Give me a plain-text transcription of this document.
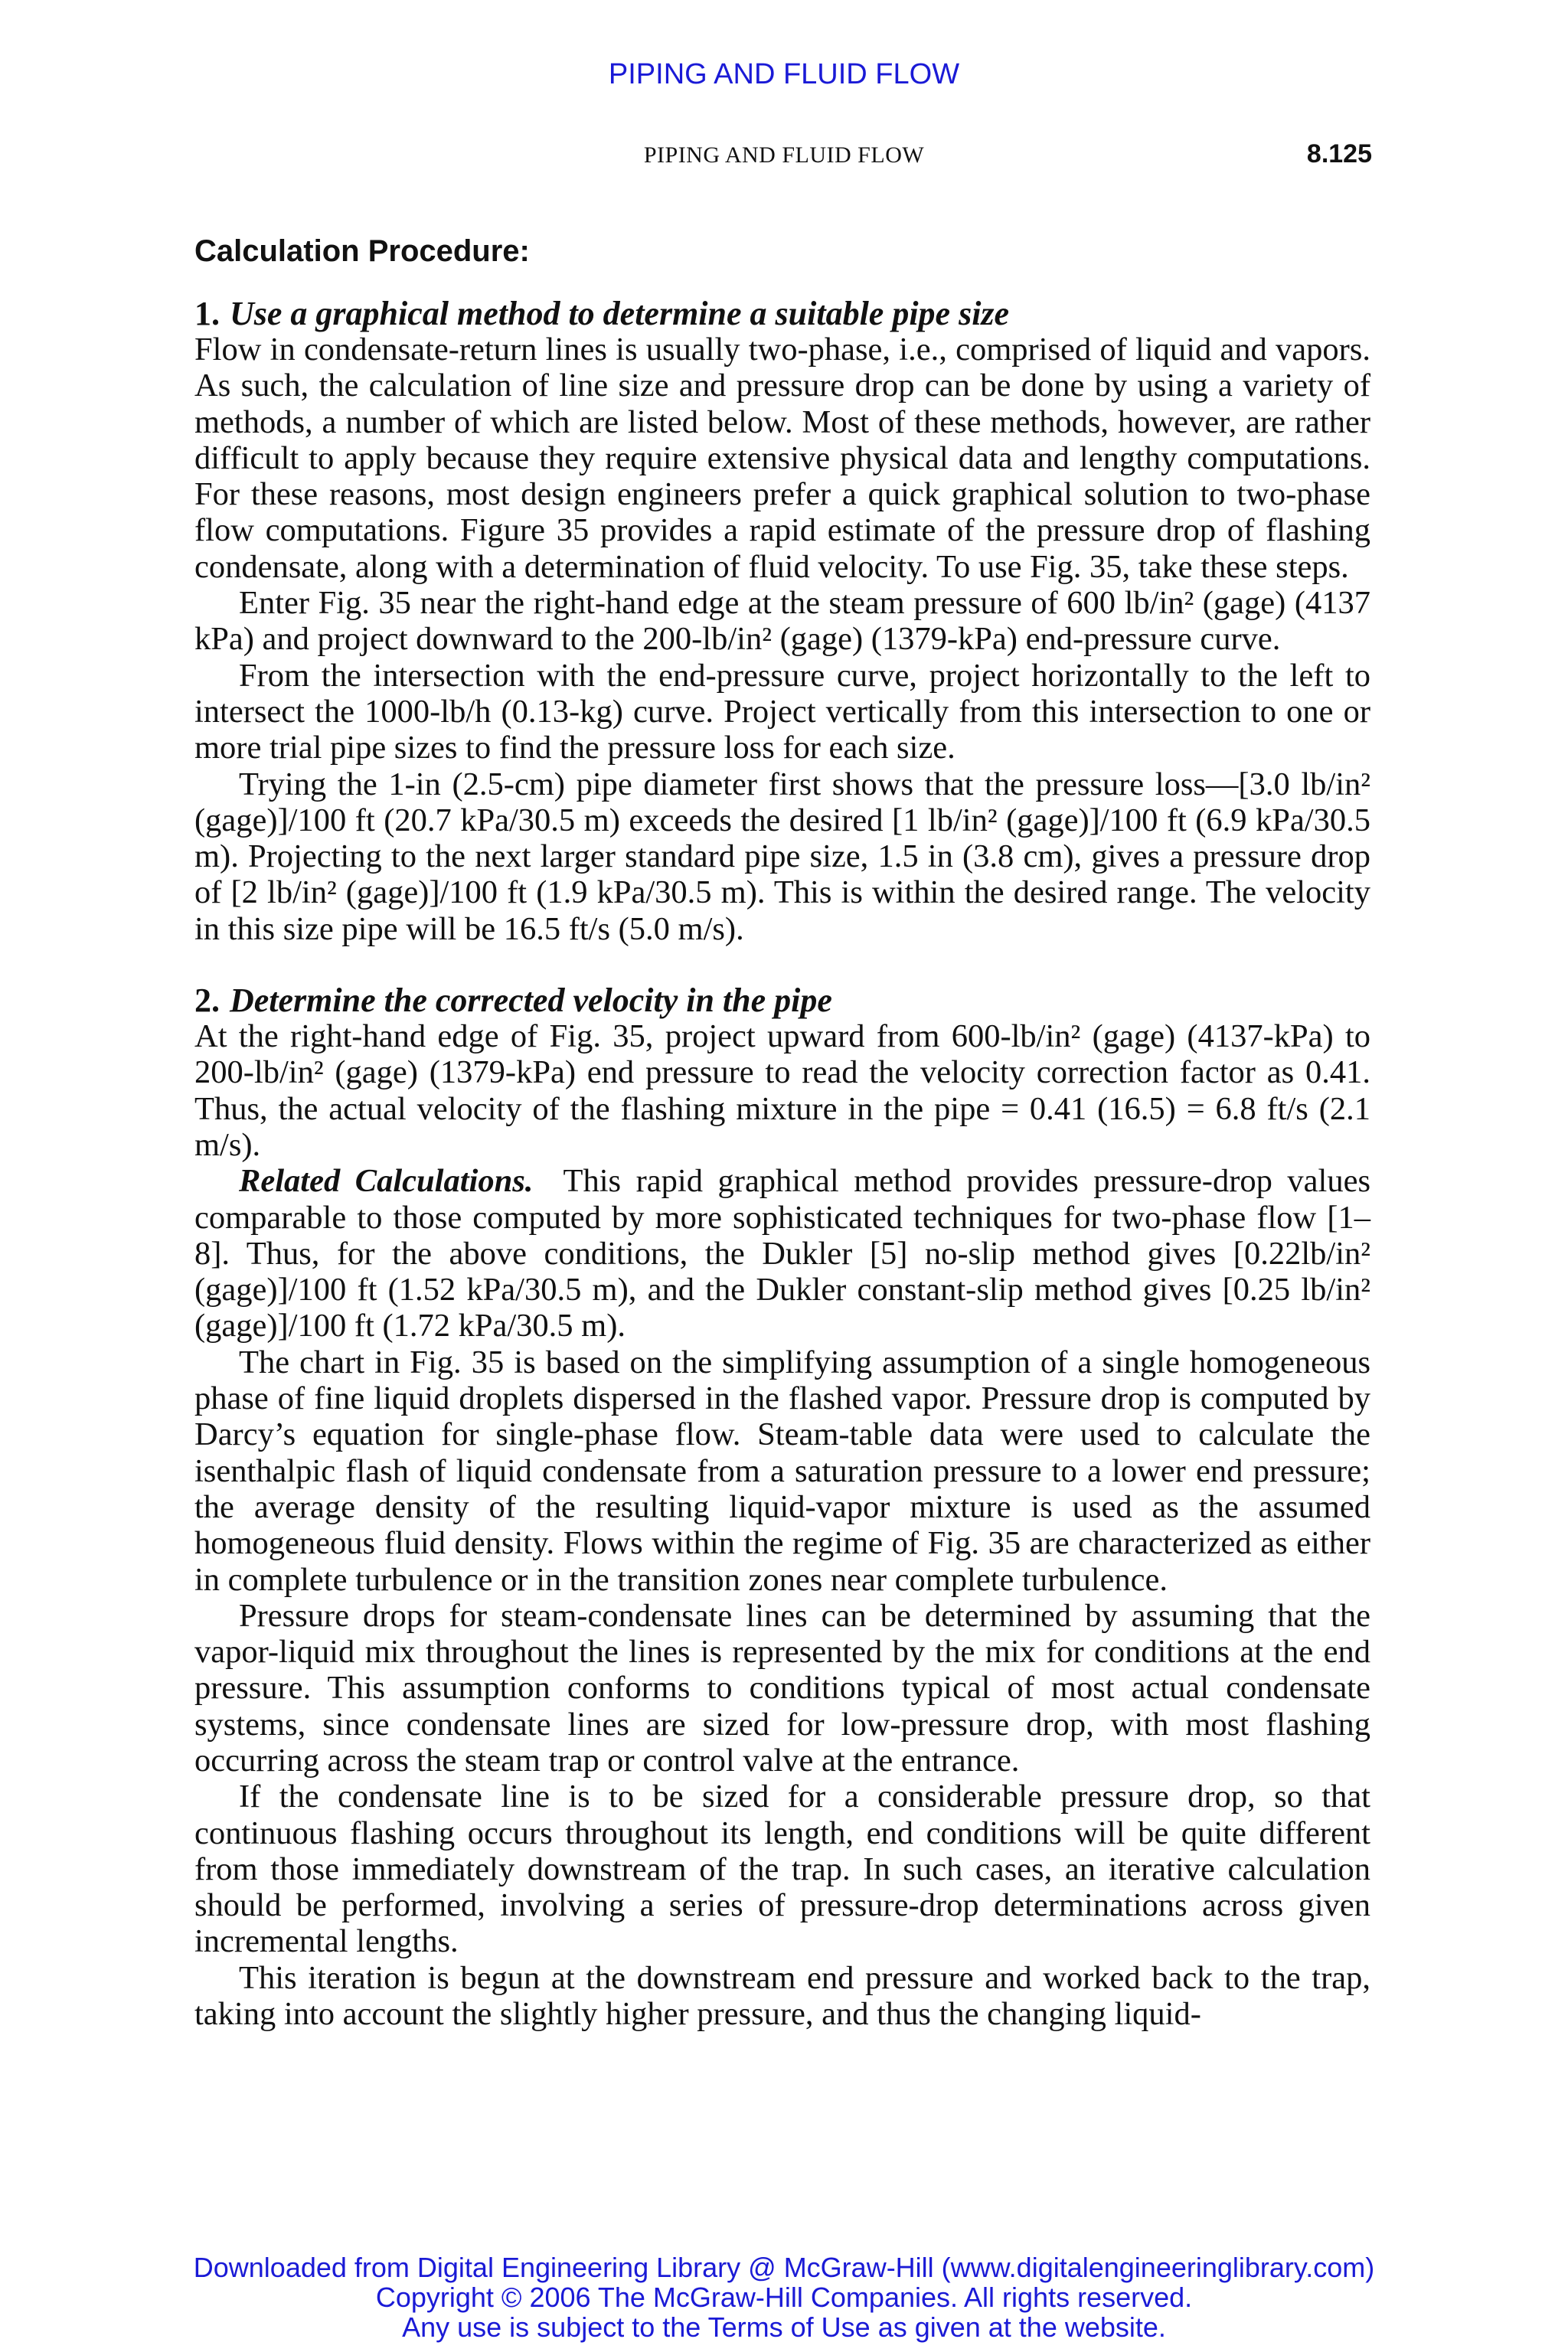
PIPING AND FLUID FLOW
PIPING AND FLUID FLOW	8.125
Calculation Procedure:
1. Use a graphical method to determine a suitable pipe size

Flow in condensate-return lines is usually two-phase, i.e., comprised of liquid and vapors. As such, the calculation of line size and pressure drop can be done by using a variety of methods, a number of which are listed below. Most of these methods, however, are rather difficult to apply because they require extensive physical data and lengthy computations. For these reasons, most design engineers prefer a quick graphical solution to two-phase flow computations. Figure 35 provides a rapid estimate of the pressure drop of flashing condensate, along with a determination of fluid velocity. To use Fig. 35, take these steps.

Enter Fig. 35 near the right-hand edge at the steam pressure of 600 lb/in² (gage) (4137 kPa) and project downward to the 200-lb/in² (gage) (1379-kPa) end-pressure curve.

From the intersection with the end-pressure curve, project horizontally to the left to intersect the 1000-lb/h (0.13-kg) curve. Project vertically from this intersection to one or more trial pipe sizes to find the pressure loss for each size.

Trying the 1-in (2.5-cm) pipe diameter first shows that the pressure loss—[3.0 lb/in² (gage)]/100 ft (20.7 kPa/30.5 m) exceeds the desired [1 lb/in² (gage)]/100 ft (6.9 kPa/30.5 m). Projecting to the next larger standard pipe size, 1.5 in (3.8 cm), gives a pressure drop of [2 lb/in² (gage)]/100 ft (1.9 kPa/30.5 m). This is within the desired range. The velocity in this size pipe will be 16.5 ft/s (5.0 m/s).

2. Determine the corrected velocity in the pipe

At the right-hand edge of Fig. 35, project upward from 600-lb/in² (gage) (4137-kPa) to 200-lb/in² (gage) (1379-kPa) end pressure to read the velocity correction factor as 0.41. Thus, the actual velocity of the flashing mixture in the pipe = 0.41 (16.5) = 6.8 ft/s (2.1 m/s).

Related Calculations. This rapid graphical method provides pressure-drop values comparable to those computed by more sophisticated techniques for two-phase flow [1–8]. Thus, for the above conditions, the Dukler [5] no-slip method gives [0.22lb/in² (gage)]/100 ft (1.52 kPa/30.5 m), and the Dukler constant-slip method gives [0.25 lb/in² (gage)]/100 ft (1.72 kPa/30.5 m).

The chart in Fig. 35 is based on the simplifying assumption of a single homogeneous phase of fine liquid droplets dispersed in the flashed vapor. Pressure drop is computed by Darcy’s equation for single-phase flow. Steam-table data were used to calculate the isenthalpic flash of liquid condensate from a saturation pressure to a lower end pressure; the average density of the resulting liquid-vapor mixture is used as the assumed homogeneous fluid density. Flows within the regime of Fig. 35 are characterized as either in complete turbulence or in the transition zones near complete turbulence.

Pressure drops for steam-condensate lines can be determined by assuming that the vapor-liquid mix throughout the lines is represented by the mix for conditions at the end pressure. This assumption conforms to conditions typical of most actual condensate systems, since condensate lines are sized for low-pressure drop, with most flashing occurring across the steam trap or control valve at the entrance.

If the condensate line is to be sized for a considerable pressure drop, so that continuous flashing occurs throughout its length, end conditions will be quite different from those immediately downstream of the trap. In such cases, an iterative calculation should be performed, involving a series of pressure-drop determinations across given incremental lengths.

This iteration is begun at the downstream end pressure and worked back to the trap, taking into account the slightly higher pressure, and thus the changing liquid-

Downloaded from Digital Engineering Library @ McGraw-Hill (www.digitalengineeringlibrary.com)
Copyright © 2006 The McGraw-Hill Companies. All rights reserved.
Any use is subject to the Terms of Use as given at the website.
